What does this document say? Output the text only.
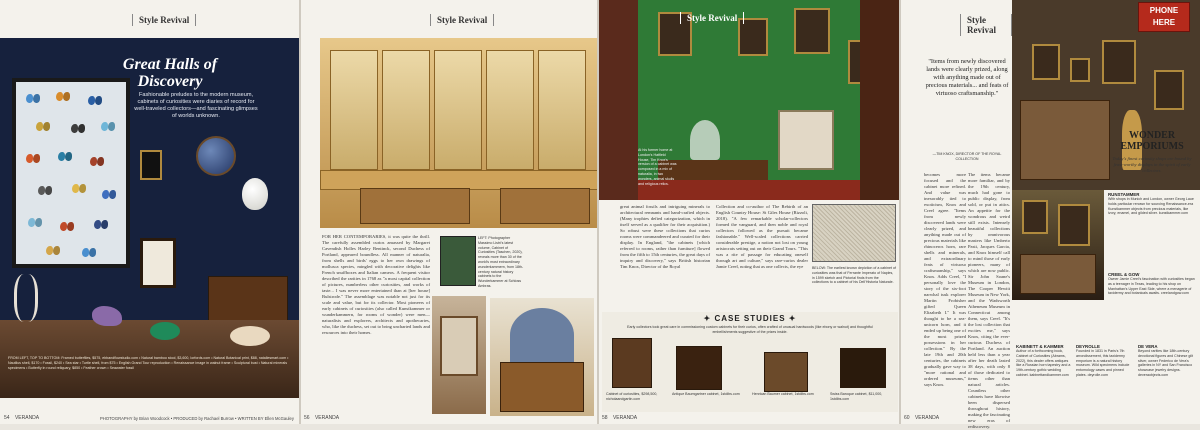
Style Revival
Great Halls of Discovery
Fashionable preludes to the modern museum, cabinets of curiosities were diaries of record for well-traveled collectors—and fascinating glimpses of worlds unknown.
FROM LEFT, TOP TO BOTTOM: Framed butterflies, $575, ebbandflowstudio.com • Natural bamboo stool, $3,600, lorfords.com • Natural Botanical print, $88, nataliesmart.com • Nautilus shell, $170 • Fossil, $240 • Sea star • Turtle shell, from $75 • English Grand Tour reproduction • Renaissance image in walnut frame • Sculptural bust • Natural minerals specimens • Butterfly in round reliquary, $850 • Feather crown • Seawater fossil
54 VERANDA	PHOTOGRAPHY by Brian Woodcock • PRODUCED by Rachael Burrow • WRITTEN BY Ellen McGauley
Style Revival
FOR HER CONTEMPORARIES, it was quite the thrill. The carefully assembled curios amassed by Margaret Cavendish Holles Harley Bentinck, second Duchess of Portland, appeared boundless. All manner of naturalia, from shells and birds' eggs to her own drawings of mollusca species, mingled with decorative delights like French snuffboxes and Italian cameos. A frequent visitor described the rarities in 1768 as "a most capital collection of pictures, numberless other curiosities, and works of taste... I was never more entertained than at [her house] Bulstrode." The assemblage was notable not just for its scale and value, but for its collector. Most pioneers of early cabinets of curiosities (also called Kunstkammer or wunderkammern, for rooms of wonder) were men—naturalists and explorers, architects and apothecaries, who, like the duchess, set out to bring uncharted lands and resources into their homes.
LEFT: Photographer Massimo Listri's latest volume, Cabinet of Curiosities (Taschen, 2020), reveals more than 30 of the world's most extraordinary wunderkammern, from 18th-century natural history cabinets to the Wunderkammer at Schloss Ambras.
56 VERANDA
Style Revival
At his former home at London's Hatfield House, Tim Knox's version of a cabinet was composed in a mix of naturalia, in two wonders, animal skulls and religious relics.
great animal fossils and intriguing minerals to architectural remnants and hand-crafted objects. (Many trophies defied categorization, which in itself served as a qualifier for their acquisition.) So robust were these collections that curios rooms were commandeered and curated for their display. In England, "the cabinets [which referred to rooms, rather than furniture] flowed from the fifth to 15th centuries, the great days of inquiry and discovery," says British historian Tim Knox, Director of the Royal
Collection and co-author of The Rebirth of an English Country House: St Giles House (Rizzoli, 2018). "A few remarkable scholar-collectors formed the vanguard, and then noble and royal collectors followed as the pursuit became fashionable." Well-scaled collections carried considerable prestige, a notion not lost on young aristocrats setting out on their Grand Tours. "This was a rite of passage for educating oneself through art and culture," says rare-curios dealer Jamie Creel, noting that as one collects, the eye	BELOW: The earliest known depiction of a cabinet of curiosities was that of Ferrante Imperato of Naples, in 1599 sketch and Pictorial finds from the collections to a cabinet of his Dell'Historia Naturale.
✦ CASE STUDIES ✦
Early collectors took great care in commissioning custom cabinets for their curios, often crafted of unusual hardwoods (like ebony or walnut) and thoughtful embellishments suggestive of the prizes inside.
Cabinet of curiosities, $298,500, nicholaandgartin.com
Antique Baumgartner cabinet, 1stdibs.com	Henrican Baumer cabinet, 1stdibs.com	Swiss Baroque cabinet, $11,000, 1stdibs.com
58 VERANDA
Style Revival
"Items from newly discovered lands were clearly prized, along with anything made out of precious materials... and feats of virtuoso craftsmanship."
—TIM KNOX, DIRECTOR OF THE ROYAL COLLECTION
becomes more focused and the cabinet more refined. And value was inexorably tied to exoticism, Knox and Creel agree. "Items from newly discovered lands were clearly prized, and anything made out of precious materials like rhinoceros horn, rare shells and minerals, and extraordinary feats of virtuoso craftsmanship," says Knox. Adds Creel, "I personally love the story of the six-foot narwhal tusk explorer Martin Frobisher gifted Queen Elizabeth I." It was thought to be a sea-unicorn horn, and it ended up being one of the most prized possessions in her collection." By the late 19th and 20th centuries, the cabinets gradually gave way to "more rational and ordered museums," says Knox.
The items became more familiar, and by the 19th century, much had gone to public display, from sold, or put in attics. An appetite for the wondrous and weird still exists. Intensely beautiful collections by omnivorous masters like Umberto Pasti, Jacques Garcia, and Knox himself call to mind those of early pioneers, many of which are now public. Sir John Soane's Museum in London, The Cooper Hewitt Museum in New York, and the Wadsworth Atheneum Museum in Connecticut among them, says Creel. "It's the lost collection that excites me," says Knox, citing the ever-curious Duchess of Portland. An auction held less than a year after her death lasted 38 days, with only 8 of those dedicated to items other than natural articles. Countless other cabinets have likewise been dispersed throughout history, making the fascinating new eras of rediscovery.
60 VERANDA
PHONE
HERE
WONDER EMPORIUMS
Today's finest curiosity shops are bound by feast-worthy displays in the spirit of early collectors.
RUNSTAMMER
With shops in Munich and London, owner Georg Laue holds particular renown for sourcing Renaissance-era Kunstkammer objects from precious materials, like ivory, enamel, and gilded silver. kunstkammer.com
CREEL & GOW
Owner Jamie Creel's fascination with curiosities began as a teenager in Texas, leading to his shop on Manhattan's Upper East Side, where a menagerie of taxidermy and botanicals awaits. creelandgow.com
KABINETT & KAMMER
Author of a forthcoming book, Cabinet of Curiosities (Abrams, 2022), this dealer offers antiques like a Russian horn tapestry and a 19th-century gothic wedding cabinet. kabinettandkammer.com
DEYROLLE
Founded in 1831 in Paris's 7th arrondissement, this taxidermy emporium is a natural history museum. Wild specimens include entomology cases and pinned plates. deyrolle.com
DE VERA
Beyond rarities like 18th-century devotional figures and Chinese gilt silver, owner Federico de Vera's galleries in NY and San Francisco showcase jewelry designs. deveraobjects.com
